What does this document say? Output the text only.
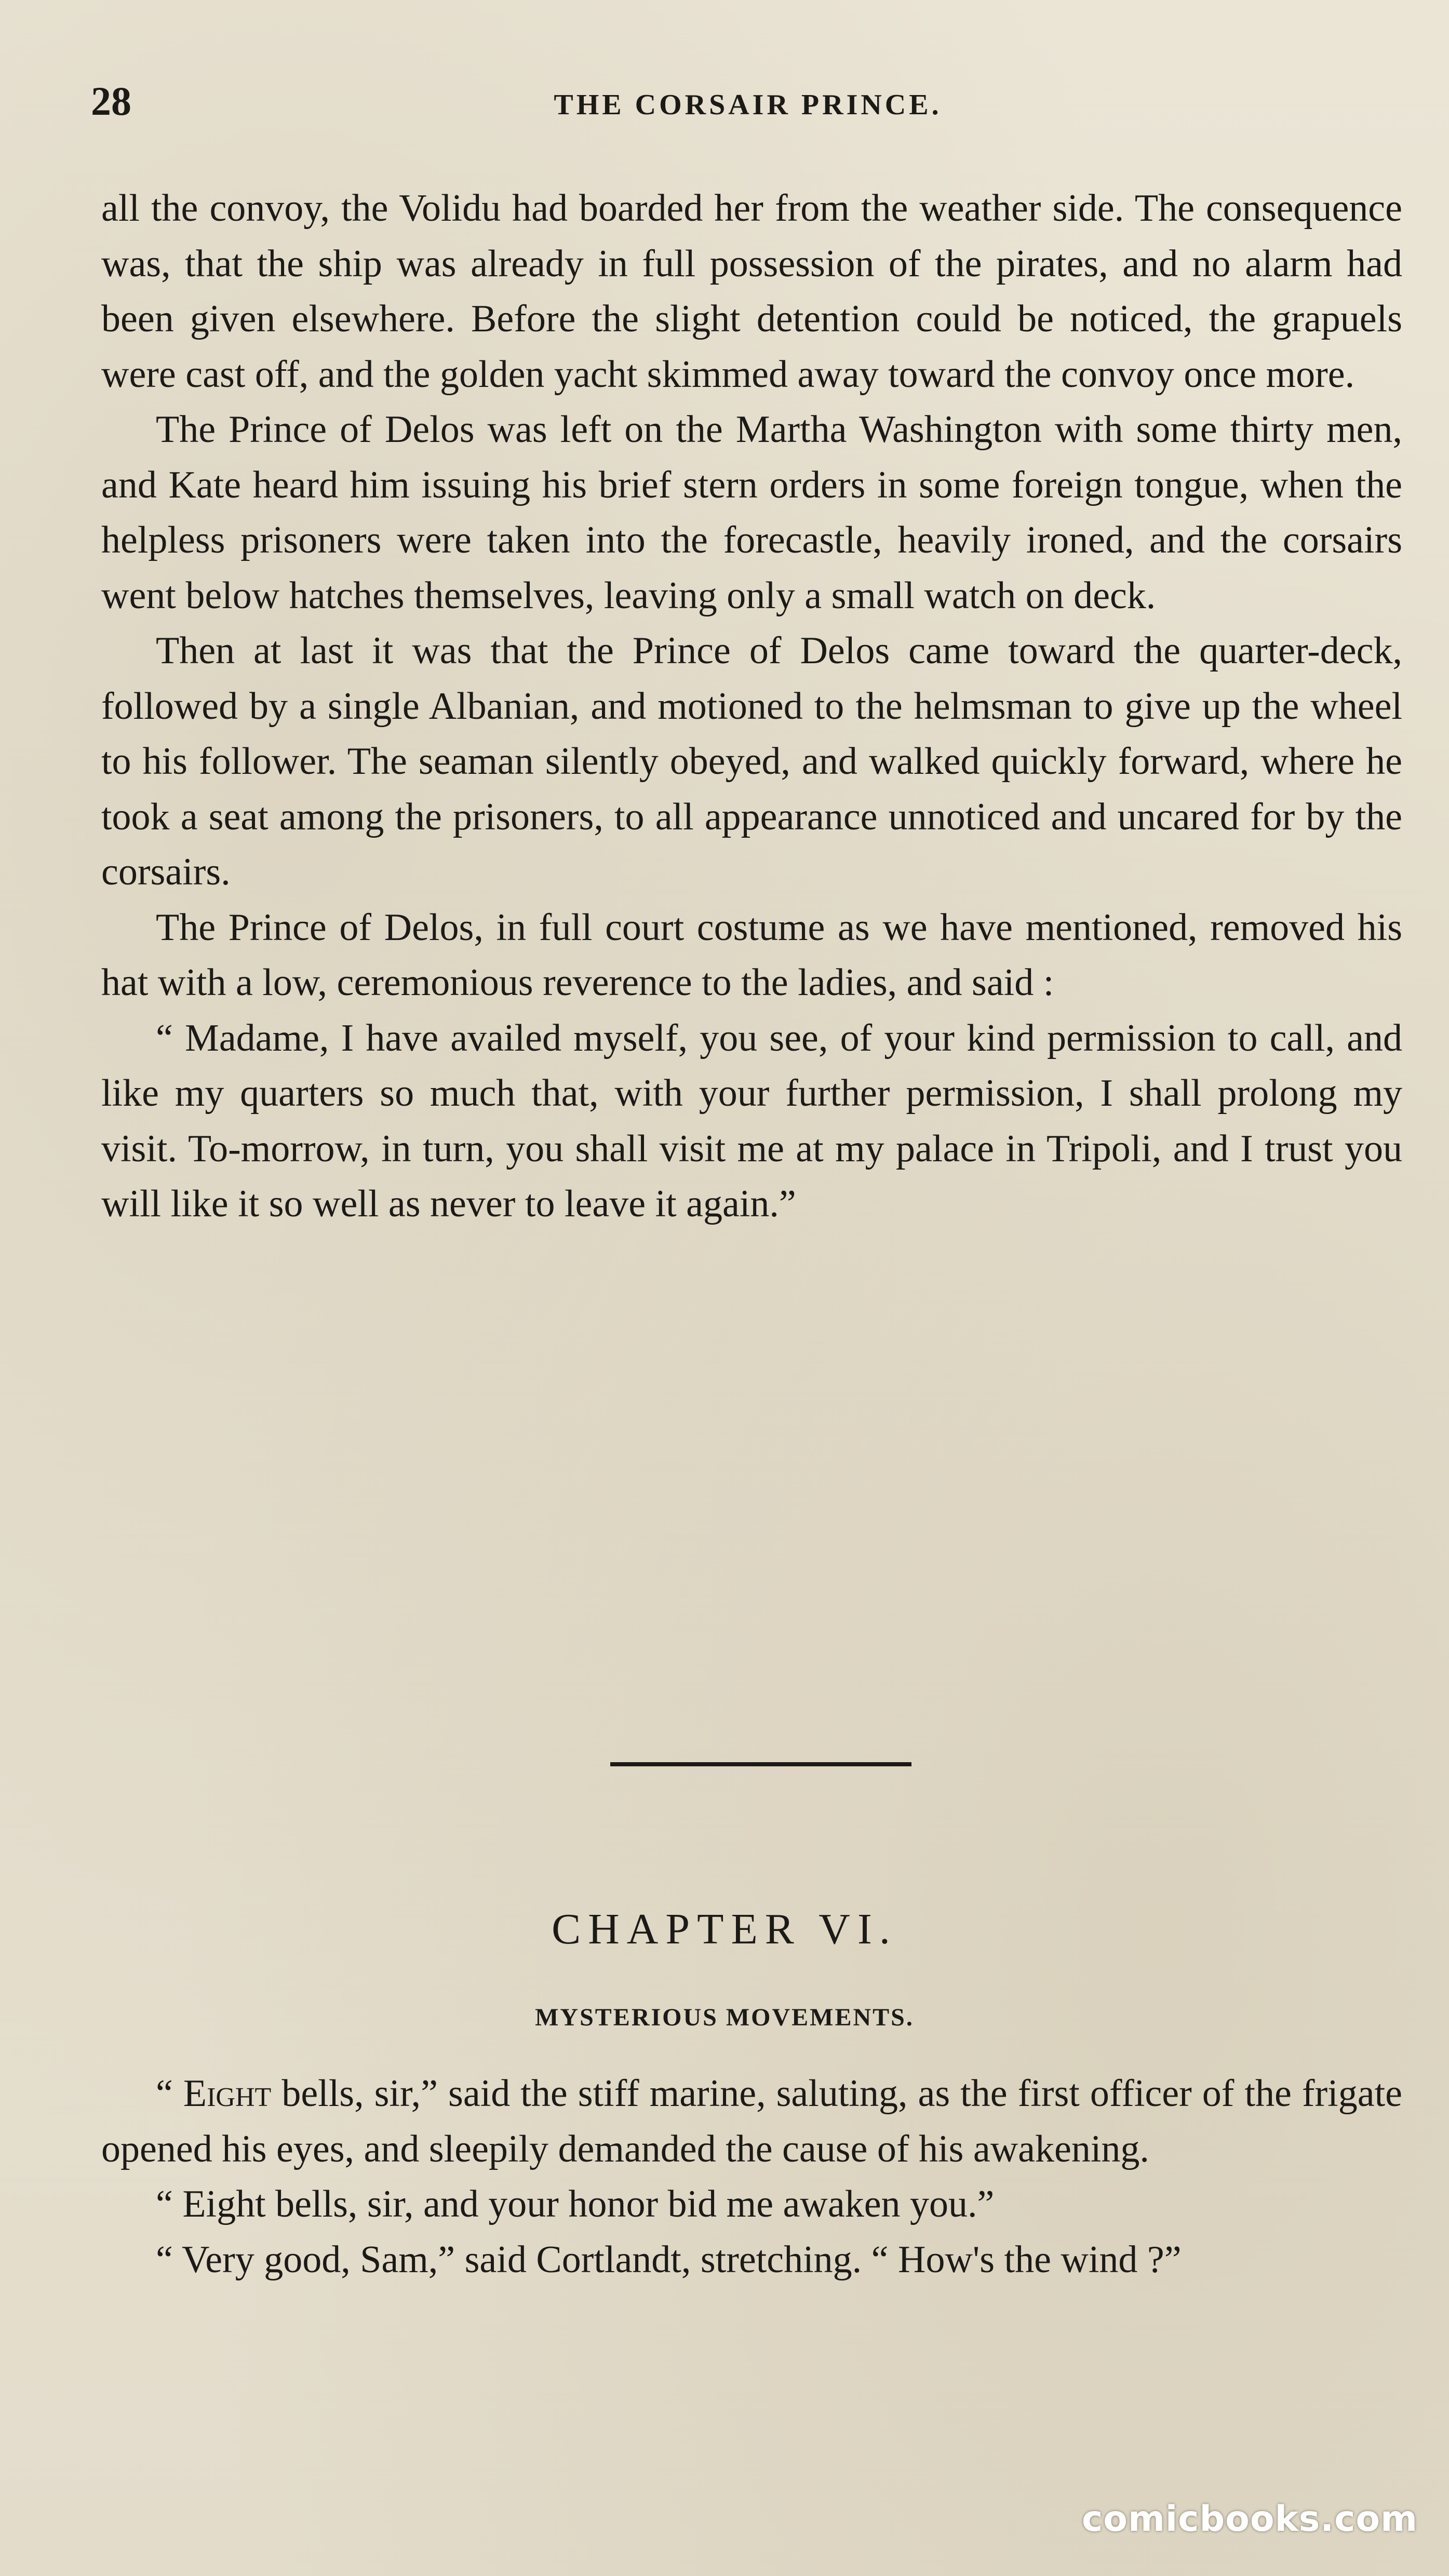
28	THE CORSAIR PRINCE.

all the convoy, the Volidu had boarded her from the weather side. The consequence was, that the ship was already in full possession of the pirates, and no alarm had been given elsewhere. Before the slight detention could be noticed, the grapuels were cast off, and the golden yacht skimmed away toward the convoy once more.

The Prince of Delos was left on the Martha Washington with some thirty men, and Kate heard him issuing his brief stern orders in some foreign tongue, when the helpless prisoners were taken into the forecastle, heavily ironed, and the corsairs went below hatches themselves, leaving only a small watch on deck.

Then at last it was that the Prince of Delos came toward the quarter-deck, followed by a single Albanian, and motioned to the helmsman to give up the wheel to his follower. The seaman silently obeyed, and walked quickly forward, where he took a seat among the prisoners, to all appearance unnoticed and uncared for by the corsairs.

The Prince of Delos, in full court costume as we have mentioned, removed his hat with a low, ceremonious reverence to the ladies, and said :

“ Madame, I have availed myself, you see, of your kind permission to call, and like my quarters so much that, with your further permission, I shall prolong my visit. To-morrow, in turn, you shall visit me at my palace in Tripoli, and I trust you will like it so well as never to leave it again.”

CHAPTER VI.
MYSTERIOUS MOVEMENTS.

“ Eight bells, sir,” said the stiff marine, saluting, as the first officer of the frigate opened his eyes, and sleepily demanded the cause of his awakening.

“ Eight bells, sir, and your honor bid me awaken you.”

“ Very good, Sam,” said Cortlandt, stretching. “ How's the wind ?”

comicbooks.com
